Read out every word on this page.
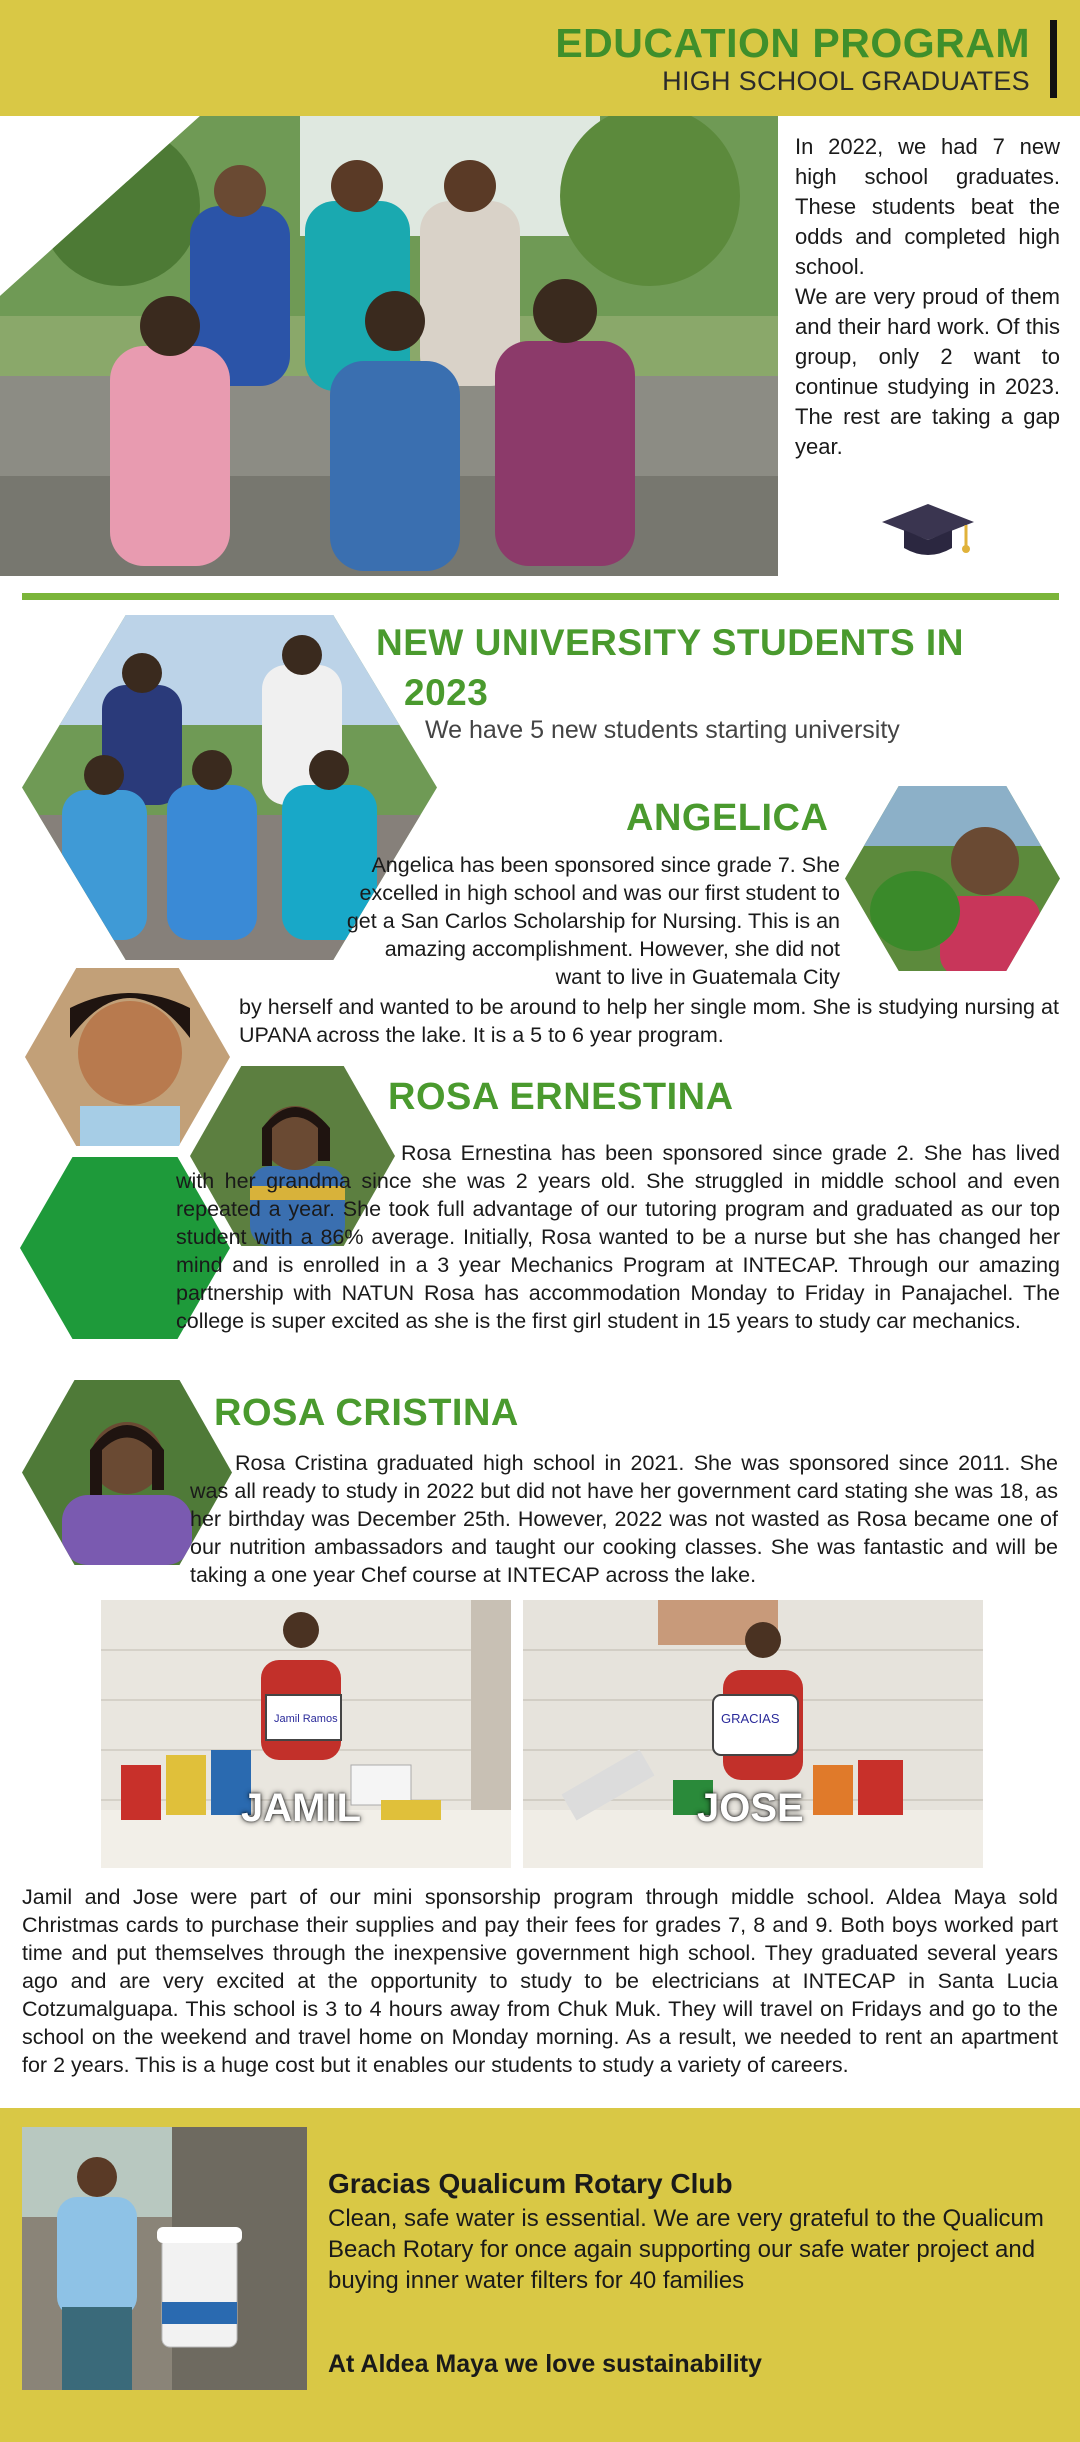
EDUCATION PROGRAM
HIGH SCHOOL GRADUATES

In 2022, we had 7 new high school graduates. These students beat the odds and completed high school.

We are very proud of them and their hard work. Of this group, only 2 want to continue studying in 2023. The rest are taking a gap year.

NEW UNIVERSITY STUDENTS IN
2023
We have 5 new students starting university
ANGELICA
Angelica has been sponsored since grade 7. She excelled in high school and was our first student to get a San Carlos Scholarship for Nursing. This is an amazing accomplishment. However, she did not want to live in Guatemala City
by herself and wanted to be around to help her single mom. She is studying nursing at UPANA across the lake. It is a 5 to 6 year program.
ROSA ERNESTINA
Rosa Ernestina has been sponsored since grade 2. She has lived with her grandma since she was 2 years old. She struggled in middle school and even repeated a year. She took full advantage of our tutoring program and graduated as our top student with a 86% average. Initially, Rosa wanted to be a nurse but she has changed her mind and is enrolled in a 3 year Mechanics Program at INTECAP. Through our amazing partnership with NATUN Rosa has accommodation Monday to Friday in Panajachel. The college is super excited as she is the first girl student in 15 years to study car mechanics.
ROSA CRISTINA
Rosa Cristina graduated high school in 2021. She was sponsored since 2011. She was all ready to study in 2022 but did not have her government card stating she was 18, as her birthday was December 25th. However, 2022 was not wasted as Rosa became one of our nutrition ambassadors and taught our cooking classes. She was fantastic and will be taking a one year Chef course at INTECAP across the lake.
Jamil Ramos
JAMIL
GRACIAS
JOSE
Jamil and Jose were part of our mini sponsorship program through middle school. Aldea Maya sold Christmas cards to purchase their supplies and pay their fees for grades 7, 8 and 9. Both boys worked part time and put themselves through the inexpensive government high school. They graduated several years ago and are very excited at the opportunity to study to be electricians at INTECAP in Santa Lucia Cotzumalguapa. This school is 3 to 4 hours away from Chuk Muk. They will travel on Fridays and go to the school on the weekend and travel home on Monday morning. As a result, we needed to rent an apartment for 2 years. This is a huge cost but it enables our students to study a variety of careers.
Gracias Qualicum Rotary Club
Clean, safe water is essential. We are very grateful to the Qualicum Beach Rotary for once again supporting our safe water project and buying inner water filters for 40 families
At Aldea Maya we love sustainability
